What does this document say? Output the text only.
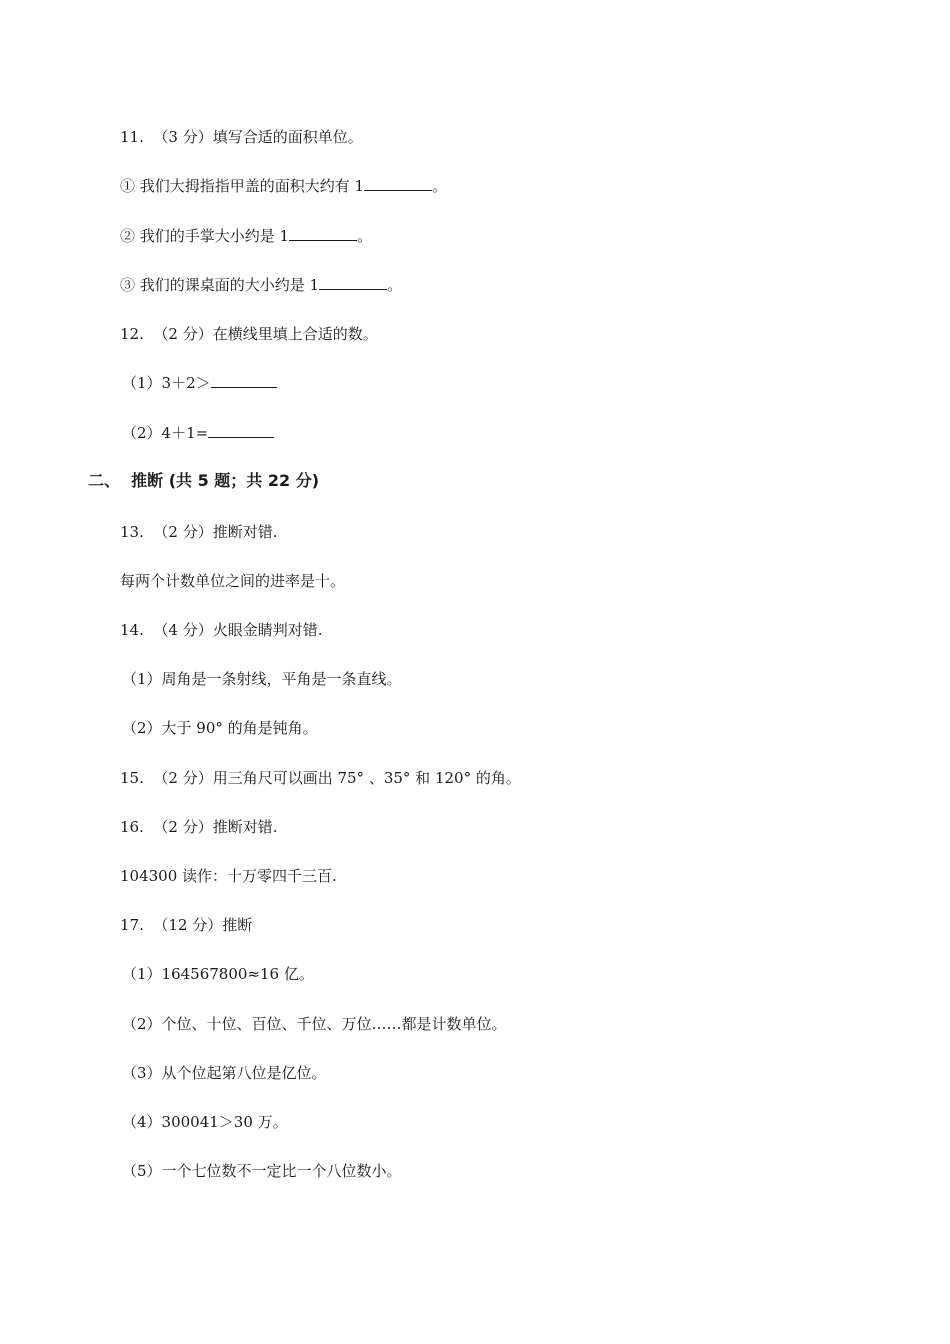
11.  （3 分）填写合适的面积单位。
① 我们大拇指指甲盖的面积大约有 1	。
② 我们的手掌大小约是 1	。
③ 我们的课桌面的大小约是 1	。
12.  （2 分）在横线里填上合适的数。
（1）3＋2＞
（2）4＋1=
二、  推断 (共 5 题；共 22 分)
13.  （2 分）推断对错.
每两个计数单位之间的进率是十。
14.  （4 分）火眼金睛判对错.
（1）周角是一条射线，平角是一条直线。
（2）大于 90° 的角是钝角。
15.  （2 分）用三角尺可以画出 75° 、35° 和 120° 的角。
16.  （2 分）推断对错.
104300 读作：十万零四千三百.
17.  （12 分）推断
（1）164567800≈16 亿。
（2）个位、十位、百位、千位、万位……都是计数单位。
（3）从个位起第八位是亿位。
（4）300041＞30 万。
（5）一个七位数不一定比一个八位数小。
